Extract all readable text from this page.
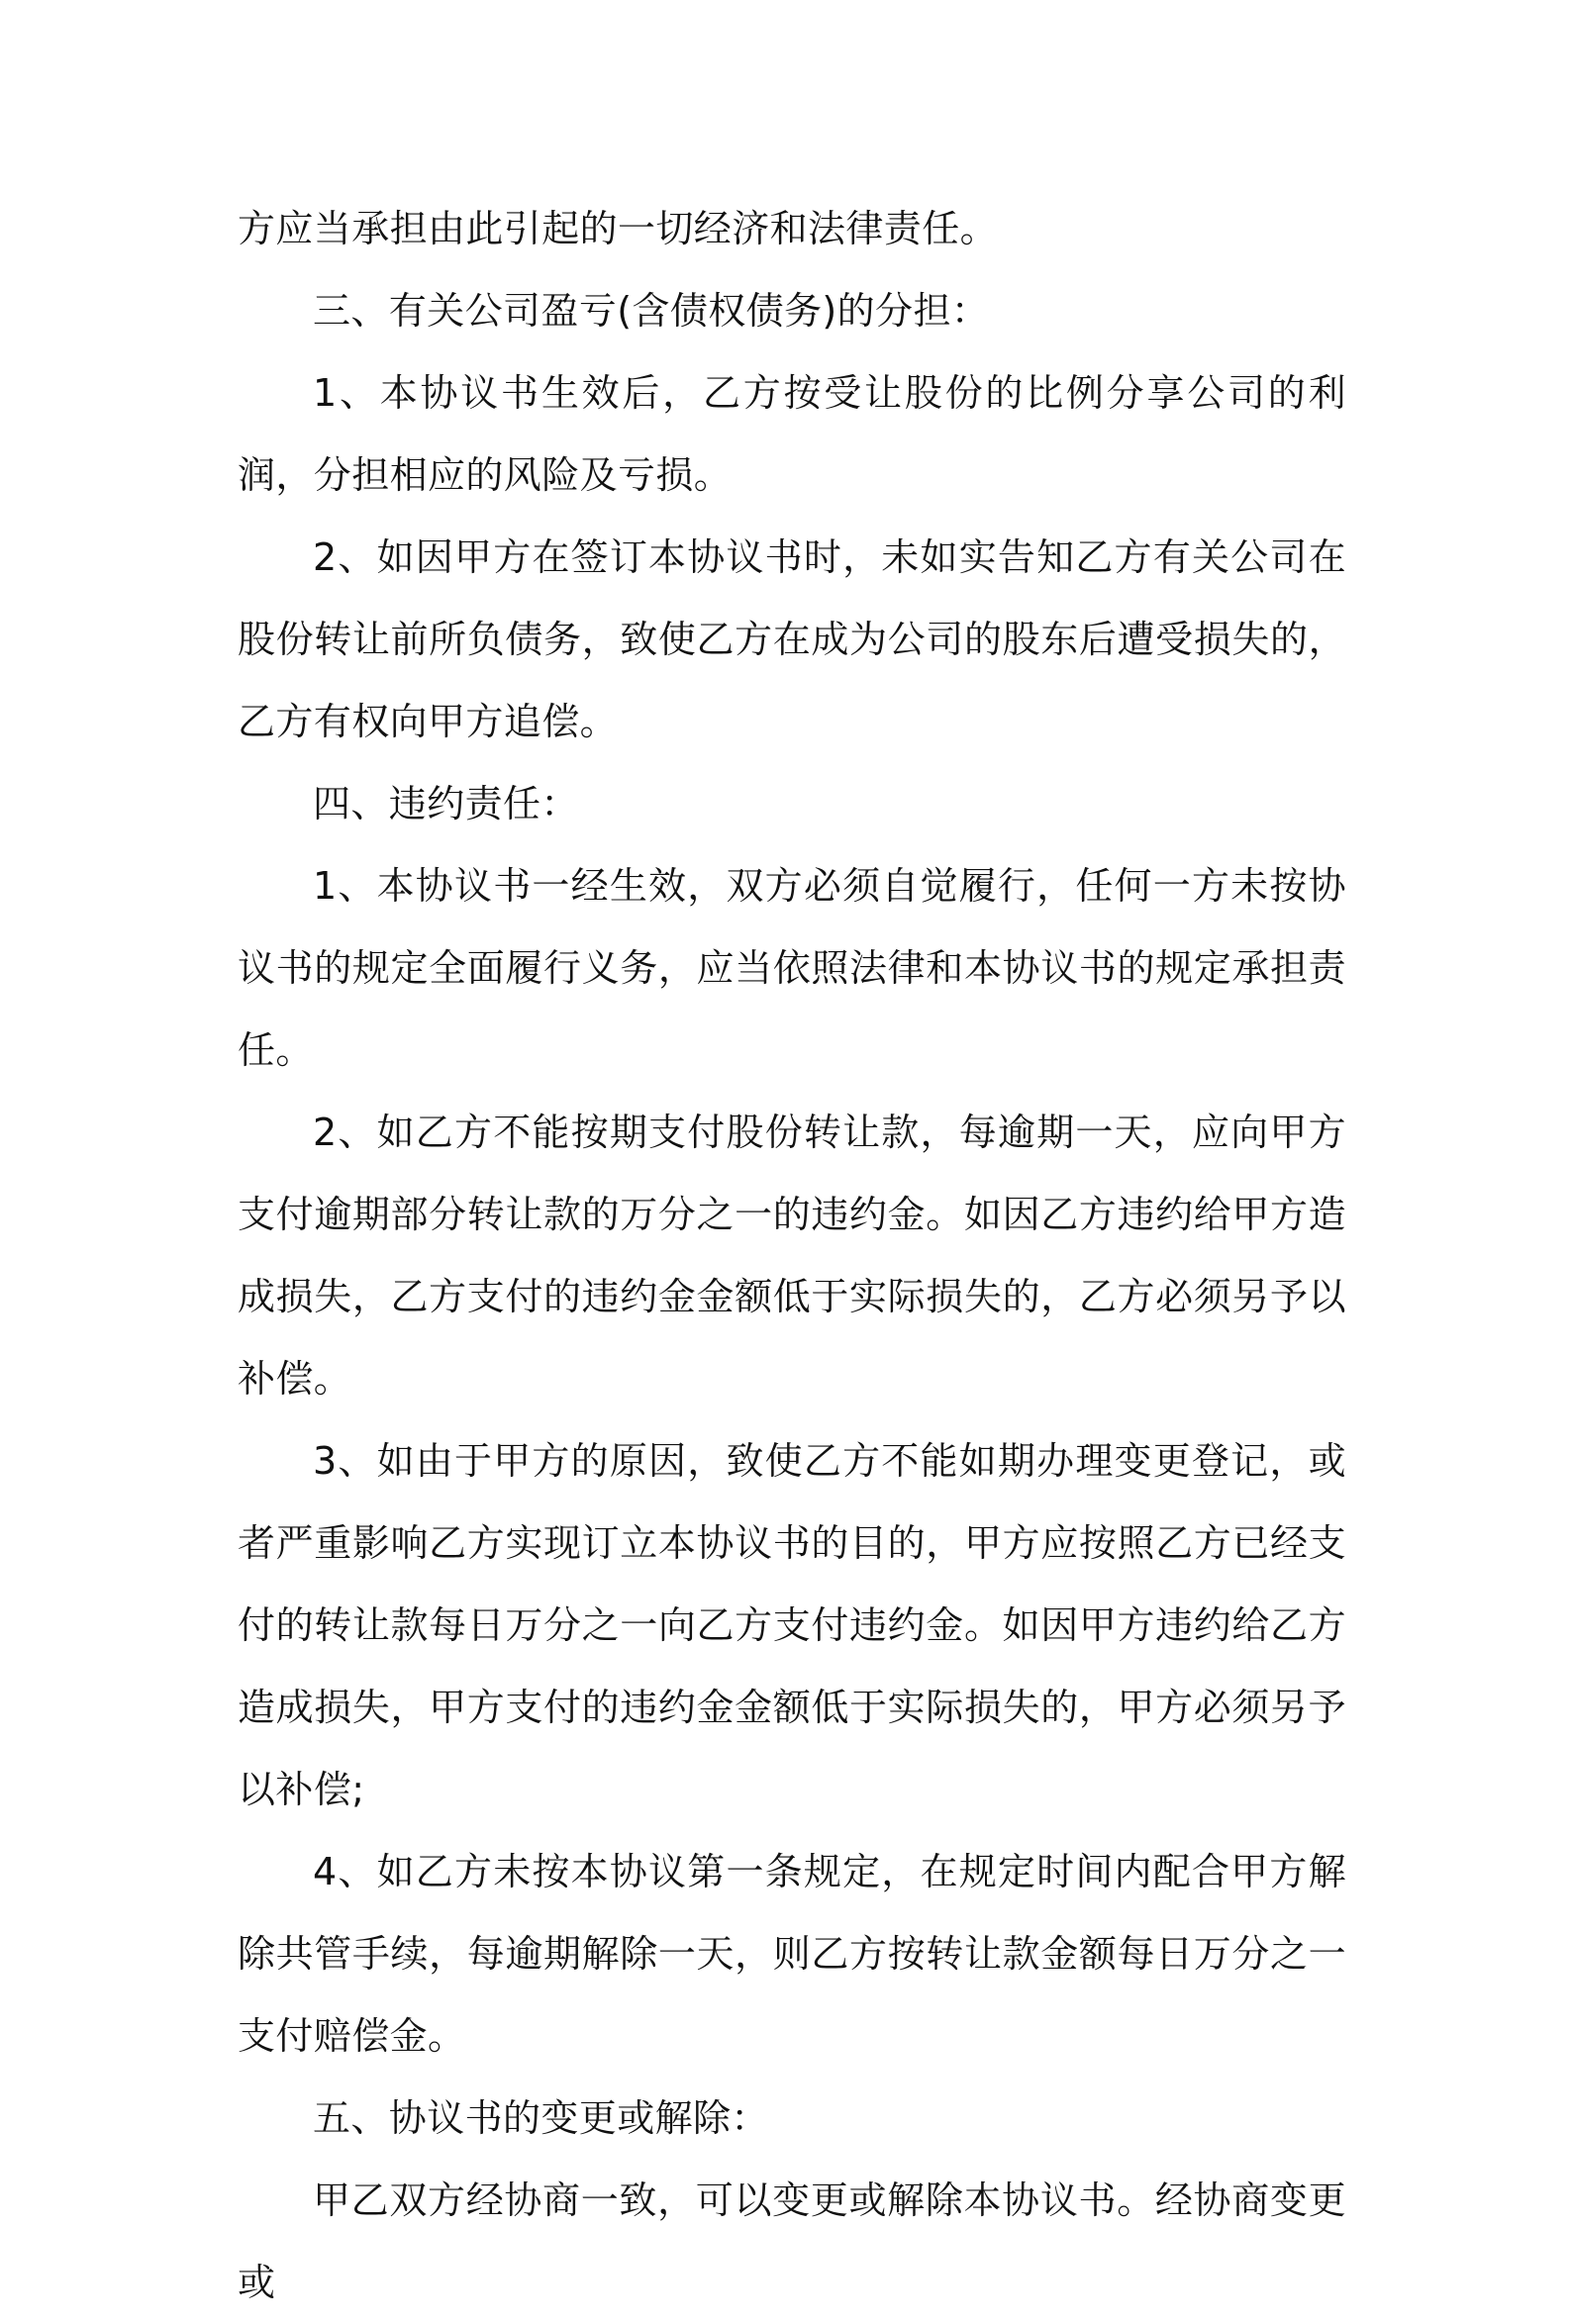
方应当承担由此引起的一切经济和法律责任。

三、有关公司盈亏(含债权债务)的分担：

1、本协议书生效后，乙方按受让股份的比例分享公司的利润，分担相应的风险及亏损。

2、如因甲方在签订本协议书时，未如实告知乙方有关公司在股份转让前所负债务，致使乙方在成为公司的股东后遭受损失的，乙方有权向甲方追偿。

四、违约责任：

1、本协议书一经生效，双方必须自觉履行，任何一方未按协议书的规定全面履行义务，应当依照法律和本协议书的规定承担责任。

2、如乙方不能按期支付股份转让款，每逾期一天，应向甲方支付逾期部分转让款的万分之一的违约金。如因乙方违约给甲方造成损失，乙方支付的违约金金额低于实际损失的，乙方必须另予以补偿。

3、如由于甲方的原因，致使乙方不能如期办理变更登记，或者严重影响乙方实现订立本协议书的目的，甲方应按照乙方已经支付的转让款每日万分之一向乙方支付违约金。如因甲方违约给乙方造成损失，甲方支付的违约金金额低于实际损失的，甲方必须另予以补偿;

4、如乙方未按本协议第一条规定，在规定时间内配合甲方解除共管手续，每逾期解除一天，则乙方按转让款金额每日万分之一支付赔偿金。

五、协议书的变更或解除：

甲乙双方经协商一致，可以变更或解除本协议书。经协商变更或
